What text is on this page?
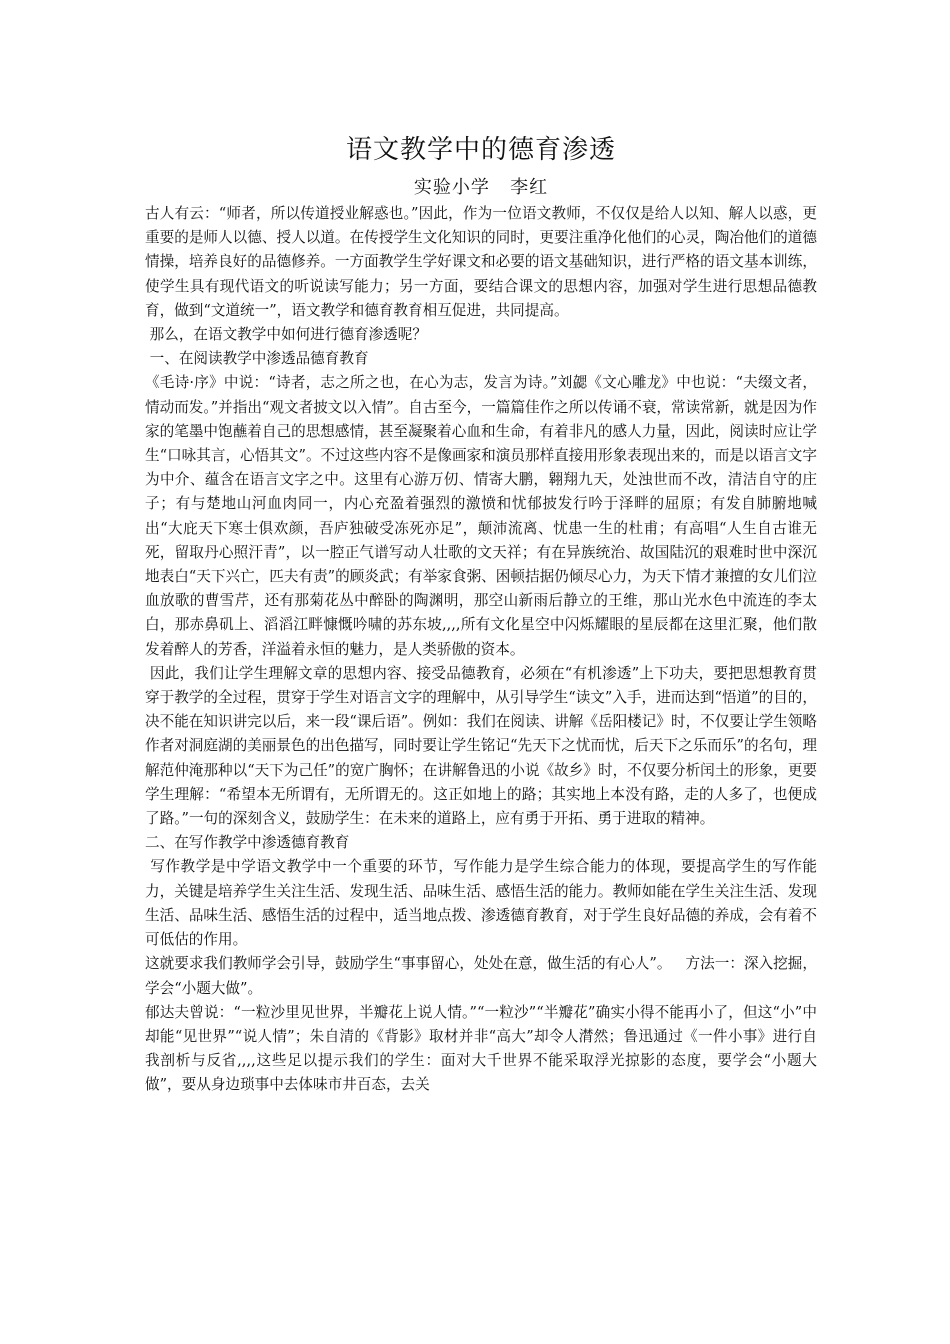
语文教学中的德育渗透
实验小学   李红

古人有云：“师者，所以传道授业解惑也。”因此，作为一位语文教师，不仅仅是给人以知、解人以惑，更重要的是师人以德、授人以道。在传授学生文化知识的同时，更要注重净化他们的心灵，陶冶他们的道德情操，培养良好的品德修养。一方面教学生学好课文和必要的语文基础知识，进行严格的语文基本训练，使学生具有现代语文的听说读写能力；另一方面，要结合课文的思想内容，加强对学生进行思想品德教育，做到“文道统一”，语文教学和德育教育相互促进，共同提高。

那么，在语文教学中如何进行德育渗透呢？

一、在阅读教学中渗透品德育教育

《毛诗·序》中说：“诗者，志之所之也，在心为志，发言为诗。”刘勰《文心雕龙》中也说：“夫缀文者，情动而发。”并指出“观文者披文以入情”。自古至今，一篇篇佳作之所以传诵不衰，常读常新，就是因为作家的笔墨中饱蘸着自己的思想感情，甚至凝聚着心血和生命，有着非凡的感人力量，因此，阅读时应让学生“口咏其言，心悟其文”。不过这些内容不是像画家和演员那样直接用形象表现出来的，而是以语言文字为中介、蕴含在语言文字之中。这里有心游万仞、情寄大鹏，翱翔九天，处浊世而不改，清洁自守的庄子；有与楚地山河血肉同一，内心充盈着强烈的激愤和忧郁披发行吟于泽畔的屈原；有发自肺腑地喊出“大庇天下寒士俱欢颜，吾庐独破受冻死亦足”，颠沛流离、忧患一生的杜甫；有高唱“人生自古谁无死，留取丹心照汗青”，以一腔正气谱写动人壮歌的文天祥；有在异族统治、故国陆沉的艰难时世中深沉地表白“天下兴亡，匹夫有责”的顾炎武；有举家食粥、困顿拮据仍倾尽心力，为天下情才兼擅的女儿们泣血放歌的曹雪芹，还有那菊花丛中醉卧的陶渊明，那空山新雨后静立的王维，那山光水色中流连的李太白，那赤鼻矶上、滔滔江畔慷慨吟啸的苏东坡,,,,所有文化星空中闪烁耀眼的星辰都在这里汇聚，他们散发着醉人的芳香，洋溢着永恒的魅力，是人类骄傲的资本。

因此，我们让学生理解文章的思想内容、接受品德教育，必须在“有机渗透”上下功夫，要把思想教育贯穿于教学的全过程，贯穿于学生对语言文字的理解中，从引导学生“读文”入手，进而达到“悟道”的目的，决不能在知识讲完以后，来一段“课后语”。例如：我们在阅读、讲解《岳阳楼记》时，不仅要让学生领略作者对洞庭湖的美丽景色的出色描写，同时要让学生铭记“先天下之忧而忧，后天下之乐而乐”的名句，理解范仲淹那种以“天下为己任”的宽广胸怀；在讲解鲁迅的小说《故乡》时，不仅要分析闰土的形象，更要学生理解：“希望本无所谓有，无所谓无的。这正如地上的路；其实地上本没有路，走的人多了，也便成了路。”一句的深刻含义，鼓励学生：在未来的道路上，应有勇于开拓、勇于进取的精神。

二、在写作教学中渗透德育教育

写作教学是中学语文教学中一个重要的环节，写作能力是学生综合能力的体现，要提高学生的写作能力，关键是培养学生关注生活、发现生活、品味生活、感悟生活的能力。教师如能在学生关注生活、发现生活、品味生活、感悟生活的过程中，适当地点拨、渗透德育教育，对于学生良好品德的养成，会有着不可低估的作用。

这就要求我们教师学会引导，鼓励学生“事事留心，处处在意，做生活的有心人”。   方法一：深入挖掘，学会“小题大做”。

郁达夫曾说：“一粒沙里见世界，半瓣花上说人情。”“一粒沙”“半瓣花”确实小得不能再小了，但这“小”中却能“见世界”“说人情”；朱自清的《背影》取材并非“高大”却令人潸然；鲁迅通过《一件小事》进行自我剖析与反省,,,,这些足以提示我们的学生：面对大千世界不能采取浮光掠影的态度，要学会“小题大做”，要从身边琐事中去体味市井百态，去关
